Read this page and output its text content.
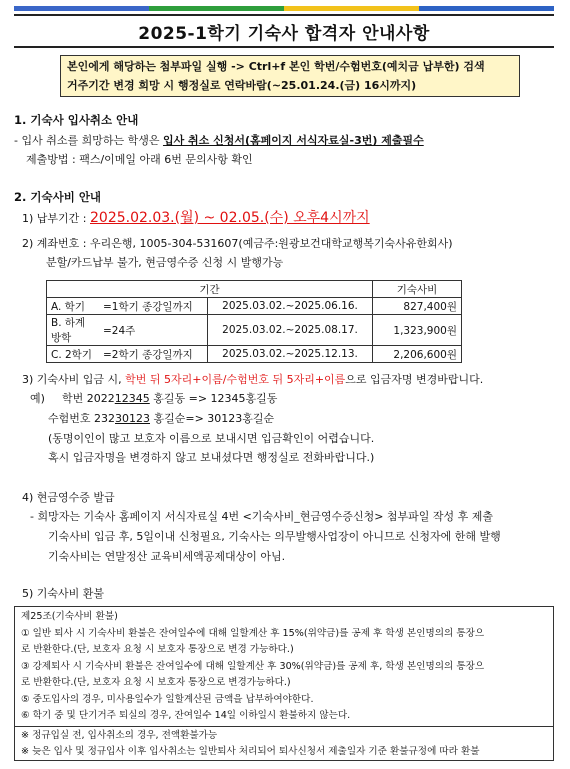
2025-1학기 기숙사 합격자 안내사항
본인에게 해당하는 첨부파일 실행 -> Ctrl+f 본인 학번/수험번호(예치금 납부한) 검색
거주기간 변경 희망 시 행정실로 연락바람(~25.01.24.(금) 16시까지)
1. 기숙사 입사취소 안내
- 입사 취소를 희망하는 학생은 입사 취소 신청서(홈페이지 서식자료실-3번) 제출필수
제출방법 : 팩스/이메일 아래 6번 문의사항 확인
2. 기숙사비 안내
1) 납부기간 : 2025.02.03.(월) ~ 02.05.(수) 오후4시까지
2) 계좌번호 : 우리은행, 1005-304-531607(예금주:원광보건대학교행복기숙사유한회사)
분할/카드납부 불가, 현금영수증 신청 시 발행가능
기간			기숙사비
A. 학기	=1학기 종강일까지	2025.03.02.~2025.06.16.	827,400원
B. 하계방학	=24주	2025.03.02.~2025.08.17.	1,323,900원
C. 2학기	=2학기 종강일까지	2025.03.02.~2025.12.13.	2,206,600원
3) 기숙사비 입금 시, 학번 뒤 5자리+이름/수험번호 뒤 5자리+이름으로 입금자명 변경바랍니다.
예) 학번 202212345 홍길동 => 12345홍길동
수험번호 23230123 홍길순=> 30123홍길순
(동명이인이 많고 보호자 이름으로 보내시면 입금확인이 어렵습니다.
혹시 입금자명을 변경하지 않고 보내셨다면 행정실로 전화바랍니다.)
4) 현금영수증 발급
- 희망자는 기숙사 홈페이지 서식자료실 4번 <기숙사비_현금영수증신청> 첨부파일 작성 후 제출
기숙사비 입금 후, 5일이내 신청필요, 기숙사는 의무발행사업장이 아니므로 신청자에 한해 발행
기숙사비는 연말정산 교육비세액공제대상이 아님.
5) 기숙사비 환불
제25조(기숙사비 환불)
① 일반 퇴사 시 기숙사비 환불은 잔여일수에 대해 일할계산 후 15%(위약금)를 공제 후 학생 본인명의의 통장으
로 반환한다.(단, 보호자 요청 시 보호자 통장으로 변경 가능하다.)
③ 강제퇴사 시 기숙사비 환불은 잔여일수에 대해 일할계산 후 30%(위약금)를 공제 후, 학생 본인명의의 통장으
로 반환한다.(단, 보호자 요청 시 보호자 통장으로 변경가능하다.)
⑤ 중도입사의 경우, 미사용일수가 일할계산된 금액을 납부하여야한다.
⑥ 학기 중 및 단기거주 퇴실의 경우, 잔여일수 14일 이하일시 환불하지 않는다.
※ 정규입실 전, 입사취소의 경우, 전액환불가능
※ 늦은 입사 및 정규입사 이후 입사취소는 일반퇴사 처리되어 퇴사신청서 제출일자 기준 환불규정에 따라 환불
